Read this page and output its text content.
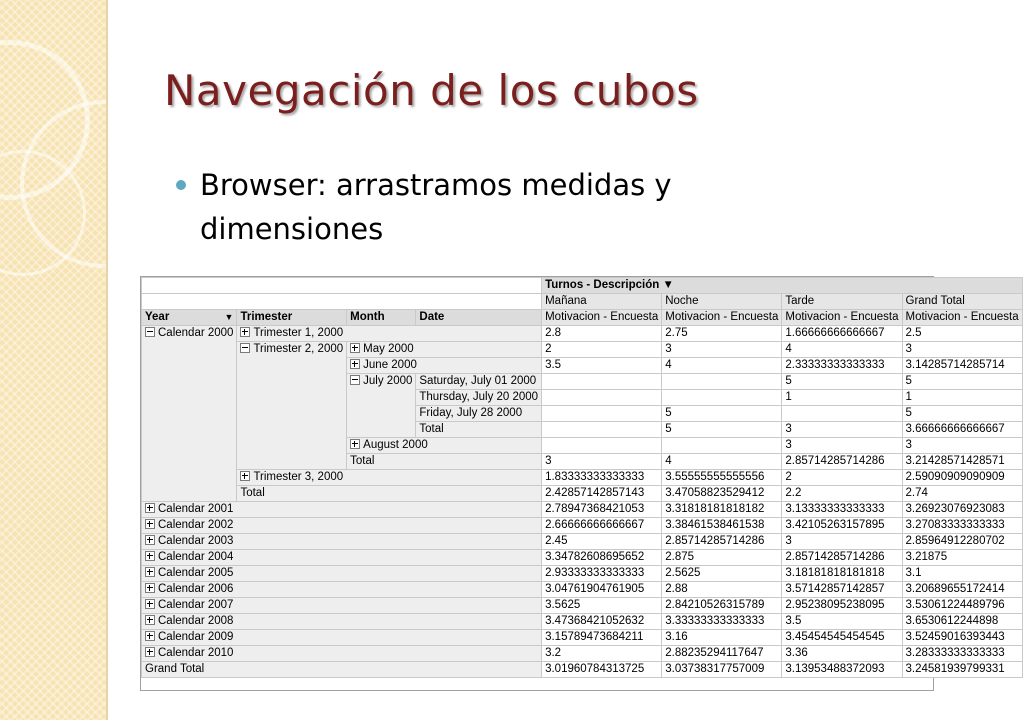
Navegación de los cubos
Browser: arrastramos medidas y dimensiones
				Turnos - Descripción ▼			
				Mañana	Noche	Tarde	Grand Total
Year ▼	Trimester	Month	Date	Motivacion - Encuesta	Motivacion - Encuesta	Motivacion - Encuesta	Motivacion - Encuesta
Calendar 2000	Trimester 1, 2000			2.8	2.75	1.66666666666667	2.5
	Trimester 2, 2000	May 2000		2	3	4	3
		June 2000		3.5	4	2.33333333333333	3.14285714285714
		July 2000	Saturday, July 01 2000			5	5
			Thursday, July 20 2000			1	1
			Friday, July 28 2000		5		5
			Total		5	3	3.66666666666667
		August 2000				3	3
		Total		3	4	2.85714285714286	3.21428571428571
	Trimester 3, 2000			1.83333333333333	3.55555555555556	2	2.59090909090909
	Total			2.42857142857143	3.47058823529412	2.2	2.74
Calendar 2001				2.78947368421053	3.31818181818182	3.13333333333333	3.26923076923083
Calendar 2002				2.66666666666667	3.38461538461538	3.42105263157895	3.27083333333333
Calendar 2003				2.45	2.85714285714286	3	2.85964912280702
Calendar 2004				3.34782608695652	2.875	2.85714285714286	3.21875
Calendar 2005				2.93333333333333	2.5625	3.18181818181818	3.1
Calendar 2006				3.04761904761905	2.88	3.57142857142857	3.20689655172414
Calendar 2007				3.5625	2.84210526315789	2.95238095238095	3.53061224489796
Calendar 2008				3.47368421052632	3.33333333333333	3.5	3.6530612244898
Calendar 2009				3.15789473684211	3.16	3.45454545454545	3.52459016393443
Calendar 2010				3.2	2.88235294117647	3.36	3.28333333333333
Grand Total				3.01960784313725	3.03738317757009	3.13953488372093	3.24581939799331
